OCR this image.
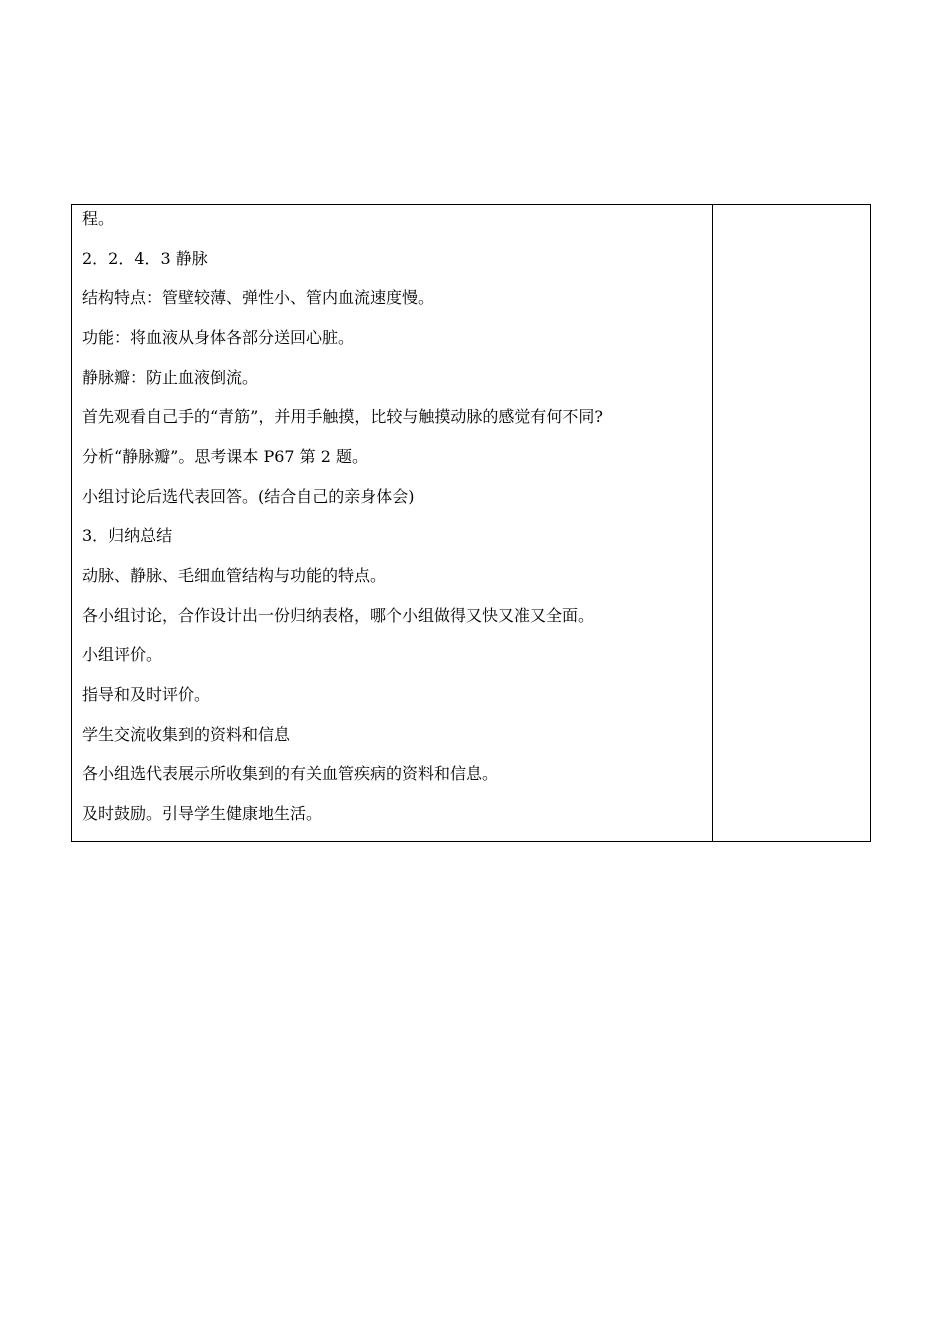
程。
2．2．4．3 静脉
结构特点：管壁较薄、弹性小、管内血流速度慢。
功能：将血液从身体各部分送回心脏。
静脉瓣：防止血液倒流。
首先观看自己手的“青筋”，并用手触摸，比较与触摸动脉的感觉有何不同?
分析“静脉瓣”。思考课本 P67 第 2 题。
小组讨论后选代表回答。(结合自己的亲身体会)
3．归纳总结
动脉、静脉、毛细血管结构与功能的特点。
各小组讨论，合作设计出一份归纳表格，哪个小组做得又快又准又全面。
小组评价。
指导和及时评价。
学生交流收集到的资料和信息
各小组选代表展示所收集到的有关血管疾病的资料和信息。
及时鼓励。引导学生健康地生活。
